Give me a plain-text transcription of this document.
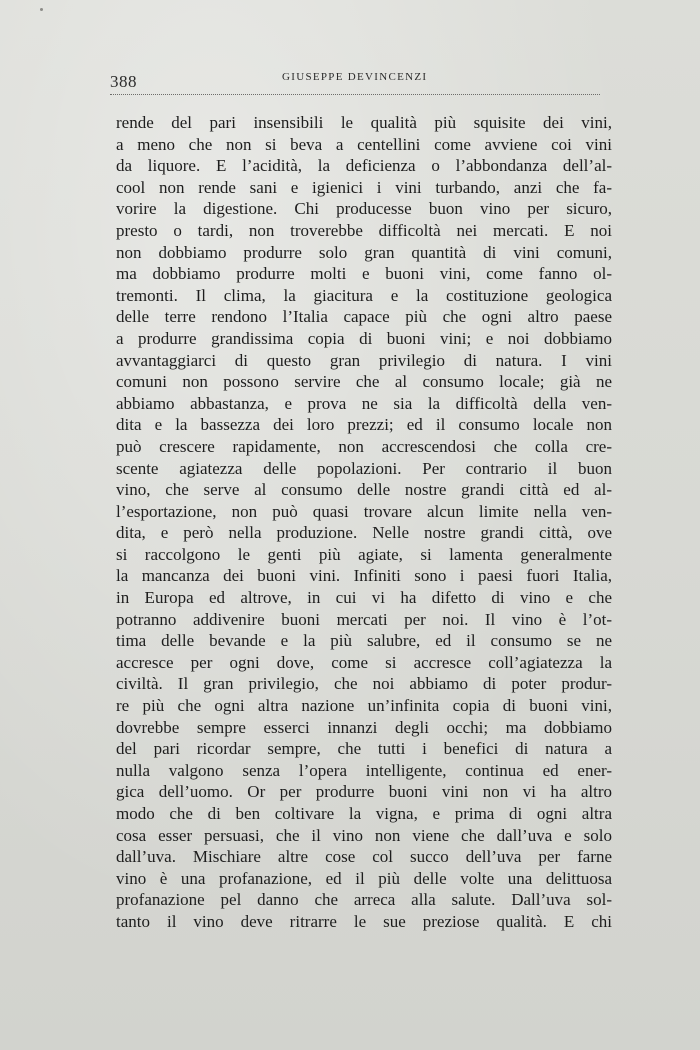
388	GIUSEPPE DEVINCENZI
rende del pari insensibili le qualità più squisite dei vini,
a meno che non si beva a centellini come avviene coi vini
da liquore. E l’acidità, la deficienza o l’abbondanza dell’al-
cool non rende sani e igienici i vini turbando, anzi che fa-
vorire la digestione. Chi producesse buon vino per sicuro,
presto o tardi, non troverebbe difficoltà nei mercati. E noi
non dobbiamo produrre solo gran quantità di vini comuni,
ma dobbiamo produrre molti e buoni vini, come fanno ol-
tremonti. Il clima, la giacitura e la costituzione geologica
delle terre rendono l’Italia capace più che ogni altro paese
a produrre grandissima copia di buoni vini; e noi dobbiamo
avvantaggiarci di questo gran privilegio di natura. I vini
comuni non possono servire che al consumo locale; già ne
abbiamo abbastanza, e prova ne sia la difficoltà della ven-
dita e la bassezza dei loro prezzi; ed il consumo locale non
può crescere rapidamente, non accrescendosi che colla cre-
scente agiatezza delle popolazioni. Per contrario il buon
vino, che serve al consumo delle nostre grandi città ed al-
l’esportazione, non può quasi trovare alcun limite nella ven-
dita, e però nella produzione. Nelle nostre grandi città, ove
si raccolgono le genti più agiate, si lamenta generalmente
la mancanza dei buoni vini. Infiniti sono i paesi fuori Italia,
in Europa ed altrove, in cui vi ha difetto di vino e che
potranno addivenire buoni mercati per noi. Il vino è l’ot-
tima delle bevande e la più salubre, ed il consumo se ne
accresce per ogni dove, come si accresce coll’agiatezza la
civiltà. Il gran privilegio, che noi abbiamo di poter produr-
re più che ogni altra nazione un’infinita copia di buoni vini,
dovrebbe sempre esserci innanzi degli occhi; ma dobbiamo
del pari ricordar sempre, che tutti i benefici di natura a
nulla valgono senza l’opera intelligente, continua ed ener-
gica dell’uomo. Or per produrre buoni vini non vi ha altro
modo che di ben coltivare la vigna, e prima di ogni altra
cosa esser persuasi, che il vino non viene che dall’uva e solo
dall’uva. Mischiare altre cose col succo dell’uva per farne
vino è una profanazione, ed il più delle volte una delittuosa
profanazione pel danno che arreca alla salute. Dall’uva sol-
tanto il vino deve ritrarre le sue preziose qualità. E chi
